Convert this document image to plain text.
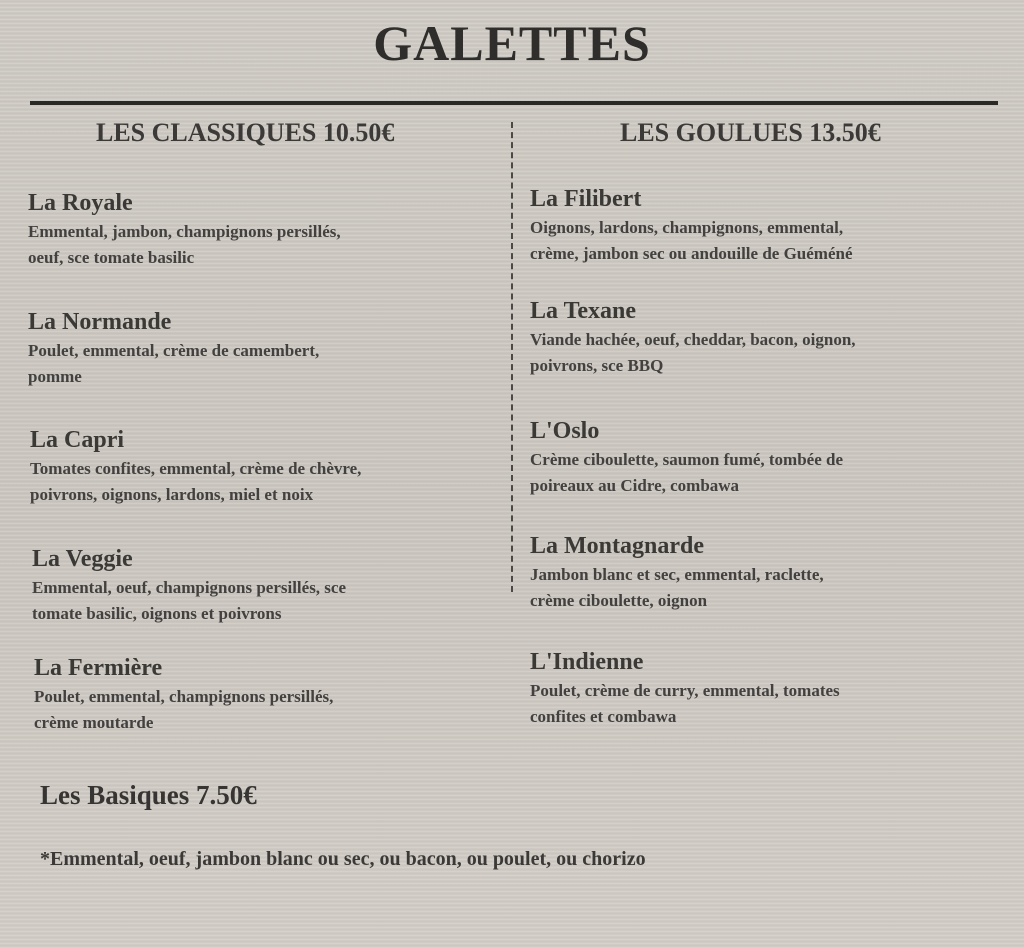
GALETTES
LES CLASSIQUES 10.50€	LES GOULUES 13.50€
La Royale
Emmental, jambon, champignons persillés,
oeuf, sce tomate basilic
La Normande
Poulet, emmental, crème de camembert,
pomme
La Capri
Tomates confites, emmental, crème de chèvre,
poivrons, oignons, lardons, miel et noix
La Veggie
Emmental, oeuf, champignons persillés, sce
tomate basilic, oignons et poivrons
La Fermière
Poulet, emmental, champignons persillés,
crème moutarde
La Filibert
Oignons, lardons, champignons, emmental,
crème, jambon sec ou andouille de Guéméné
La Texane
Viande hachée, oeuf, cheddar, bacon, oignon,
poivrons, sce BBQ
L'Oslo
Crème ciboulette, saumon fumé, tombée de
poireaux au Cidre, combawa
La Montagnarde
Jambon blanc et sec, emmental, raclette,
crème ciboulette, oignon
L'Indienne
Poulet, crème de curry, emmental, tomates
confites et combawa
Les Basiques 7.50€
*Emmental, oeuf, jambon blanc ou sec, ou bacon, ou poulet, ou chorizo
